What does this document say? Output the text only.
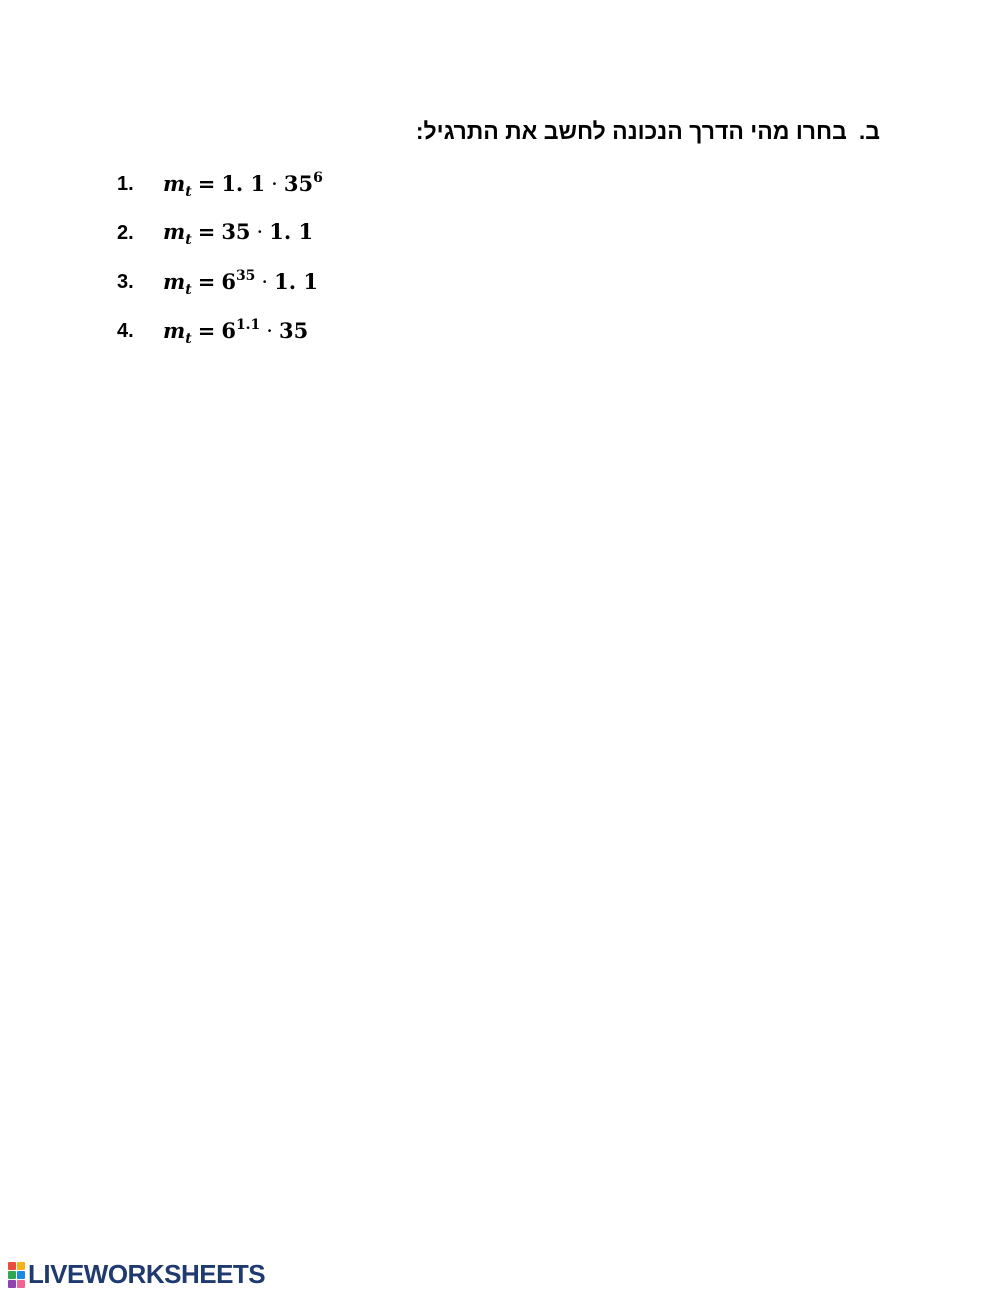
ב.בחרו מהי הדרך הנכונה לחשב את התרגיל:
1.	$m_t = 1$. $1 \cdot 35^6$
2.	$m_t = 35 \cdot 1$. 1
3.	$m_t = 6^{35} \cdot 1$. 1
4.	$m_t = 6^{1.1} \cdot 35$
LIVEWORKSHEETS
